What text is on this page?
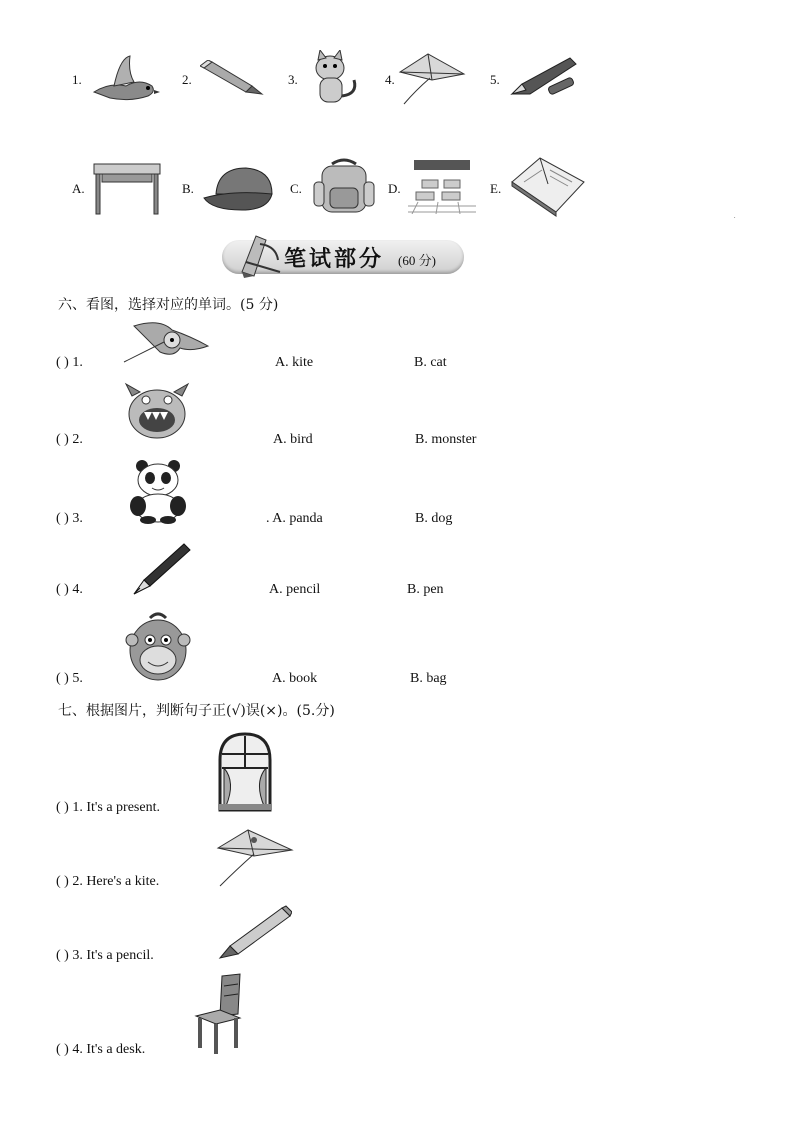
1.	2.	3.	4.	5.
A.	B.	C.	D.	E.
.
笔试部分 (60 分)
六、看图，选择对应的单词。(5 分)
( ) 1.	A. kite	B. cat
( ) 2.	A. bird	B. monster
( ) 3.	. A. panda	B. dog
( ) 4.	A. pencil	B. pen
( ) 5.	A. book	B. bag
七、根据图片，判断句子正(√)误(×)。(5.分)
( ) 1. It's a present.
( ) 2. Here's a kite.
( ) 3. It's a pencil.
( ) 4. It's a desk.
